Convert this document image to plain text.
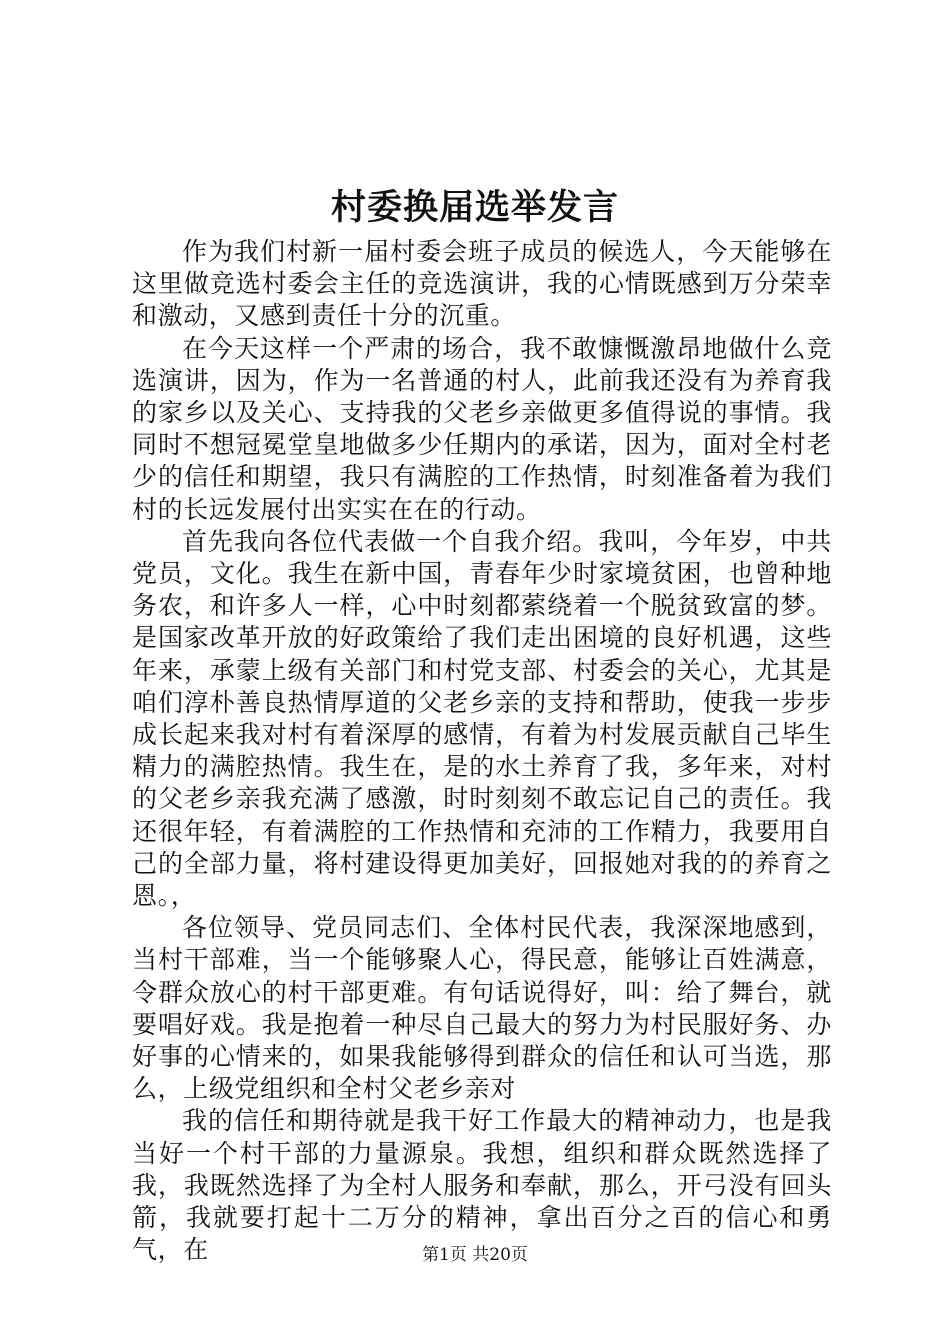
村委换届选举发言

作为我们村新一届村委会班子成员的候选人，今天能够在这里做竞选村委会主任的竞选演讲，我的心情既感到万分荣幸和激动，又感到责任十分的沉重。

在今天这样一个严肃的场合，我不敢慷慨激昂地做什么竞选演讲，因为，作为一名普通的村人，此前我还没有为养育我的家乡以及关心、支持我的父老乡亲做更多值得说的事情。我同时不想冠冕堂皇地做多少任期内的承诺，因为，面对全村老少的信任和期望，我只有满腔的工作热情，时刻准备着为我们村的长远发展付出实实在在的行动。

首先我向各位代表做一个自我介绍。我叫，今年岁，中共党员，文化。我生在新中国，青春年少时家境贫困，也曾种地务农，和许多人一样，心中时刻都萦绕着一个脱贫致富的梦。是国家改革开放的好政策给了我们走出困境的良好机遇，这些年来，承蒙上级有关部门和村党支部、村委会的关心，尤其是咱们淳朴善良热情厚道的父老乡亲的支持和帮助，使我一步步成长起来我对村有着深厚的感情，有着为村发展贡献自己毕生精力的满腔热情。我生在，是的水土养育了我，多年来，对村的父老乡亲我充满了感激，时时刻刻不敢忘记自己的责任。我还很年轻，有着满腔的工作热情和充沛的工作精力，我要用自己的全部力量，将村建设得更加美好，回报她对我的的养育之恩。，

各位领导、党员同志们、全体村民代表，我深深地感到，当村干部难，当一个能够聚人心，得民意，能够让百姓满意，令群众放心的村干部更难。有句话说得好，叫：给了舞台，就要唱好戏。我是抱着一种尽自己最大的努力为村民服好务、办好事的心情来的，如果我能够得到群众的信任和认可当选，那么，上级党组织和全村父老乡亲对

我的信任和期待就是我干好工作最大的精神动力，也是我当好一个村干部的力量源泉。我想，组织和群众既然选择了我，我既然选择了为全村人服务和奉献，那么，开弓没有回头箭，我就要打起十二万分的精神，拿出百分之百的信心和勇气，在	第1页 共20页
